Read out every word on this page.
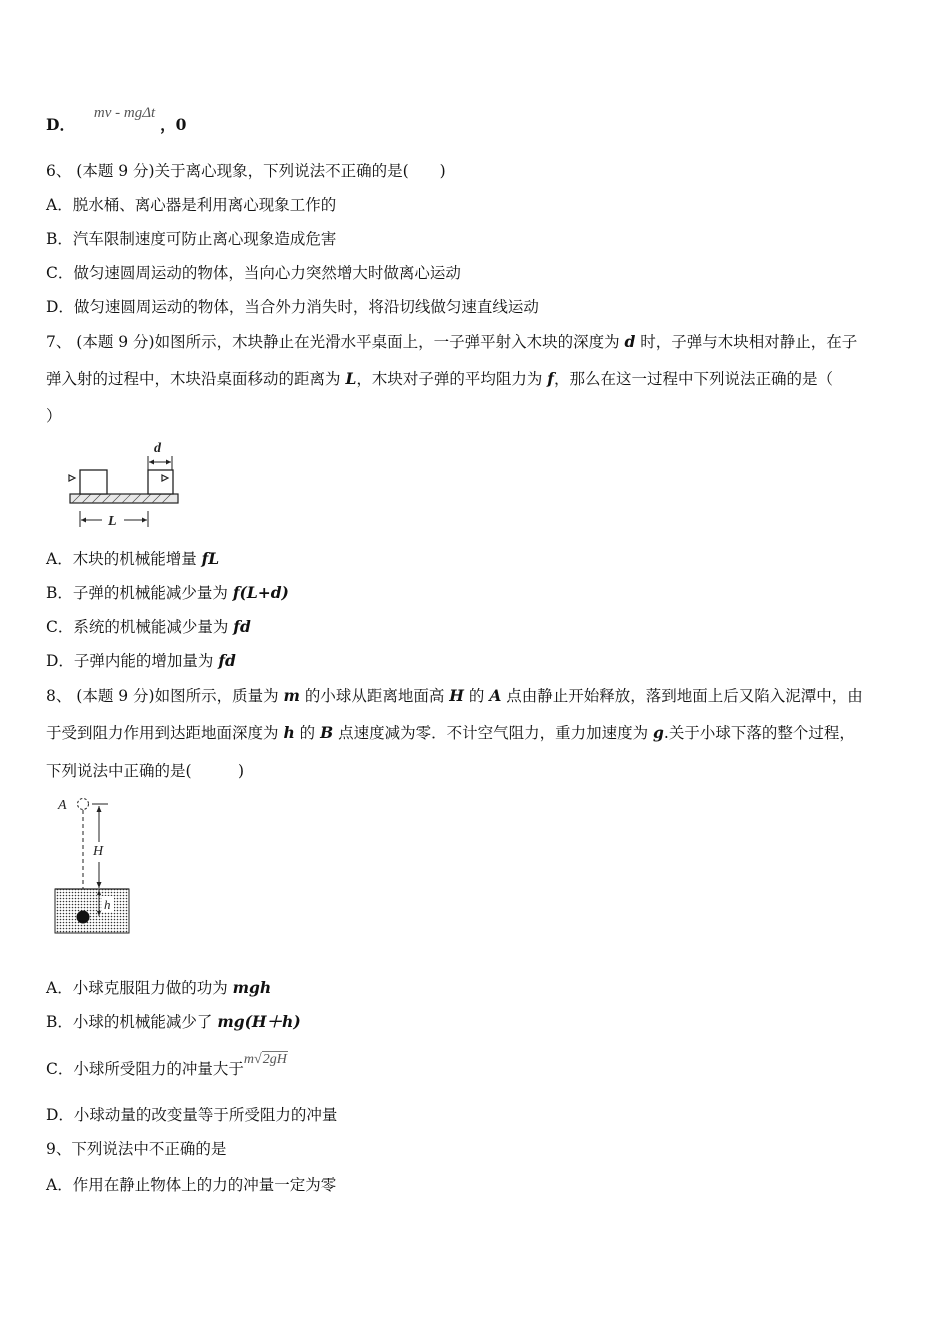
D． mv - mgΔt ，0
6、 (本题 9 分)关于离心现象，下列说法不正确的是(　　)
A．脱水桶、离心器是利用离心现象工作的
B．汽车限制速度可防止离心现象造成危害
C．做匀速圆周运动的物体，当向心力突然增大时做离心运动
D．做匀速圆周运动的物体，当合外力消失时，将沿切线做匀速直线运动
7、 (本题 9 分)如图所示，木块静止在光滑水平桌面上，一子弹平射入木块的深度为 d 时，子弹与木块相对静止，在子
弹入射的过程中，木块沿桌面移动的距离为 L，木块对子弹的平均阻力为 f，那么在这一过程中下列说法正确的是（
）
d
L
A．木块的机械能增量 fL
B．子弹的机械能减少量为 f(L+d)
C．系统的机械能减少量为 fd
D．子弹内能的增加量为 fd
8、 (本题 9 分)如图所示，质量为 m 的小球从距离地面高 H 的 A 点由静止开始释放，落到地面上后又陷入泥潭中，由
于受到阻力作用到达距地面深度为 h 的 B 点速度减为零．不计空气阻力，重力加速度为 g.关于小球下落的整个过程，
下列说法中正确的是(　　　)
A
H
h
A．小球克服阻力做的功为 mgh
B．小球的机械能减少了 mg(H＋h)
C．小球所受阻力的冲量大于m√2gH
D．小球动量的改变量等于所受阻力的冲量
9、下列说法中不正确的是
A．作用在静止物体上的力的冲量一定为零
